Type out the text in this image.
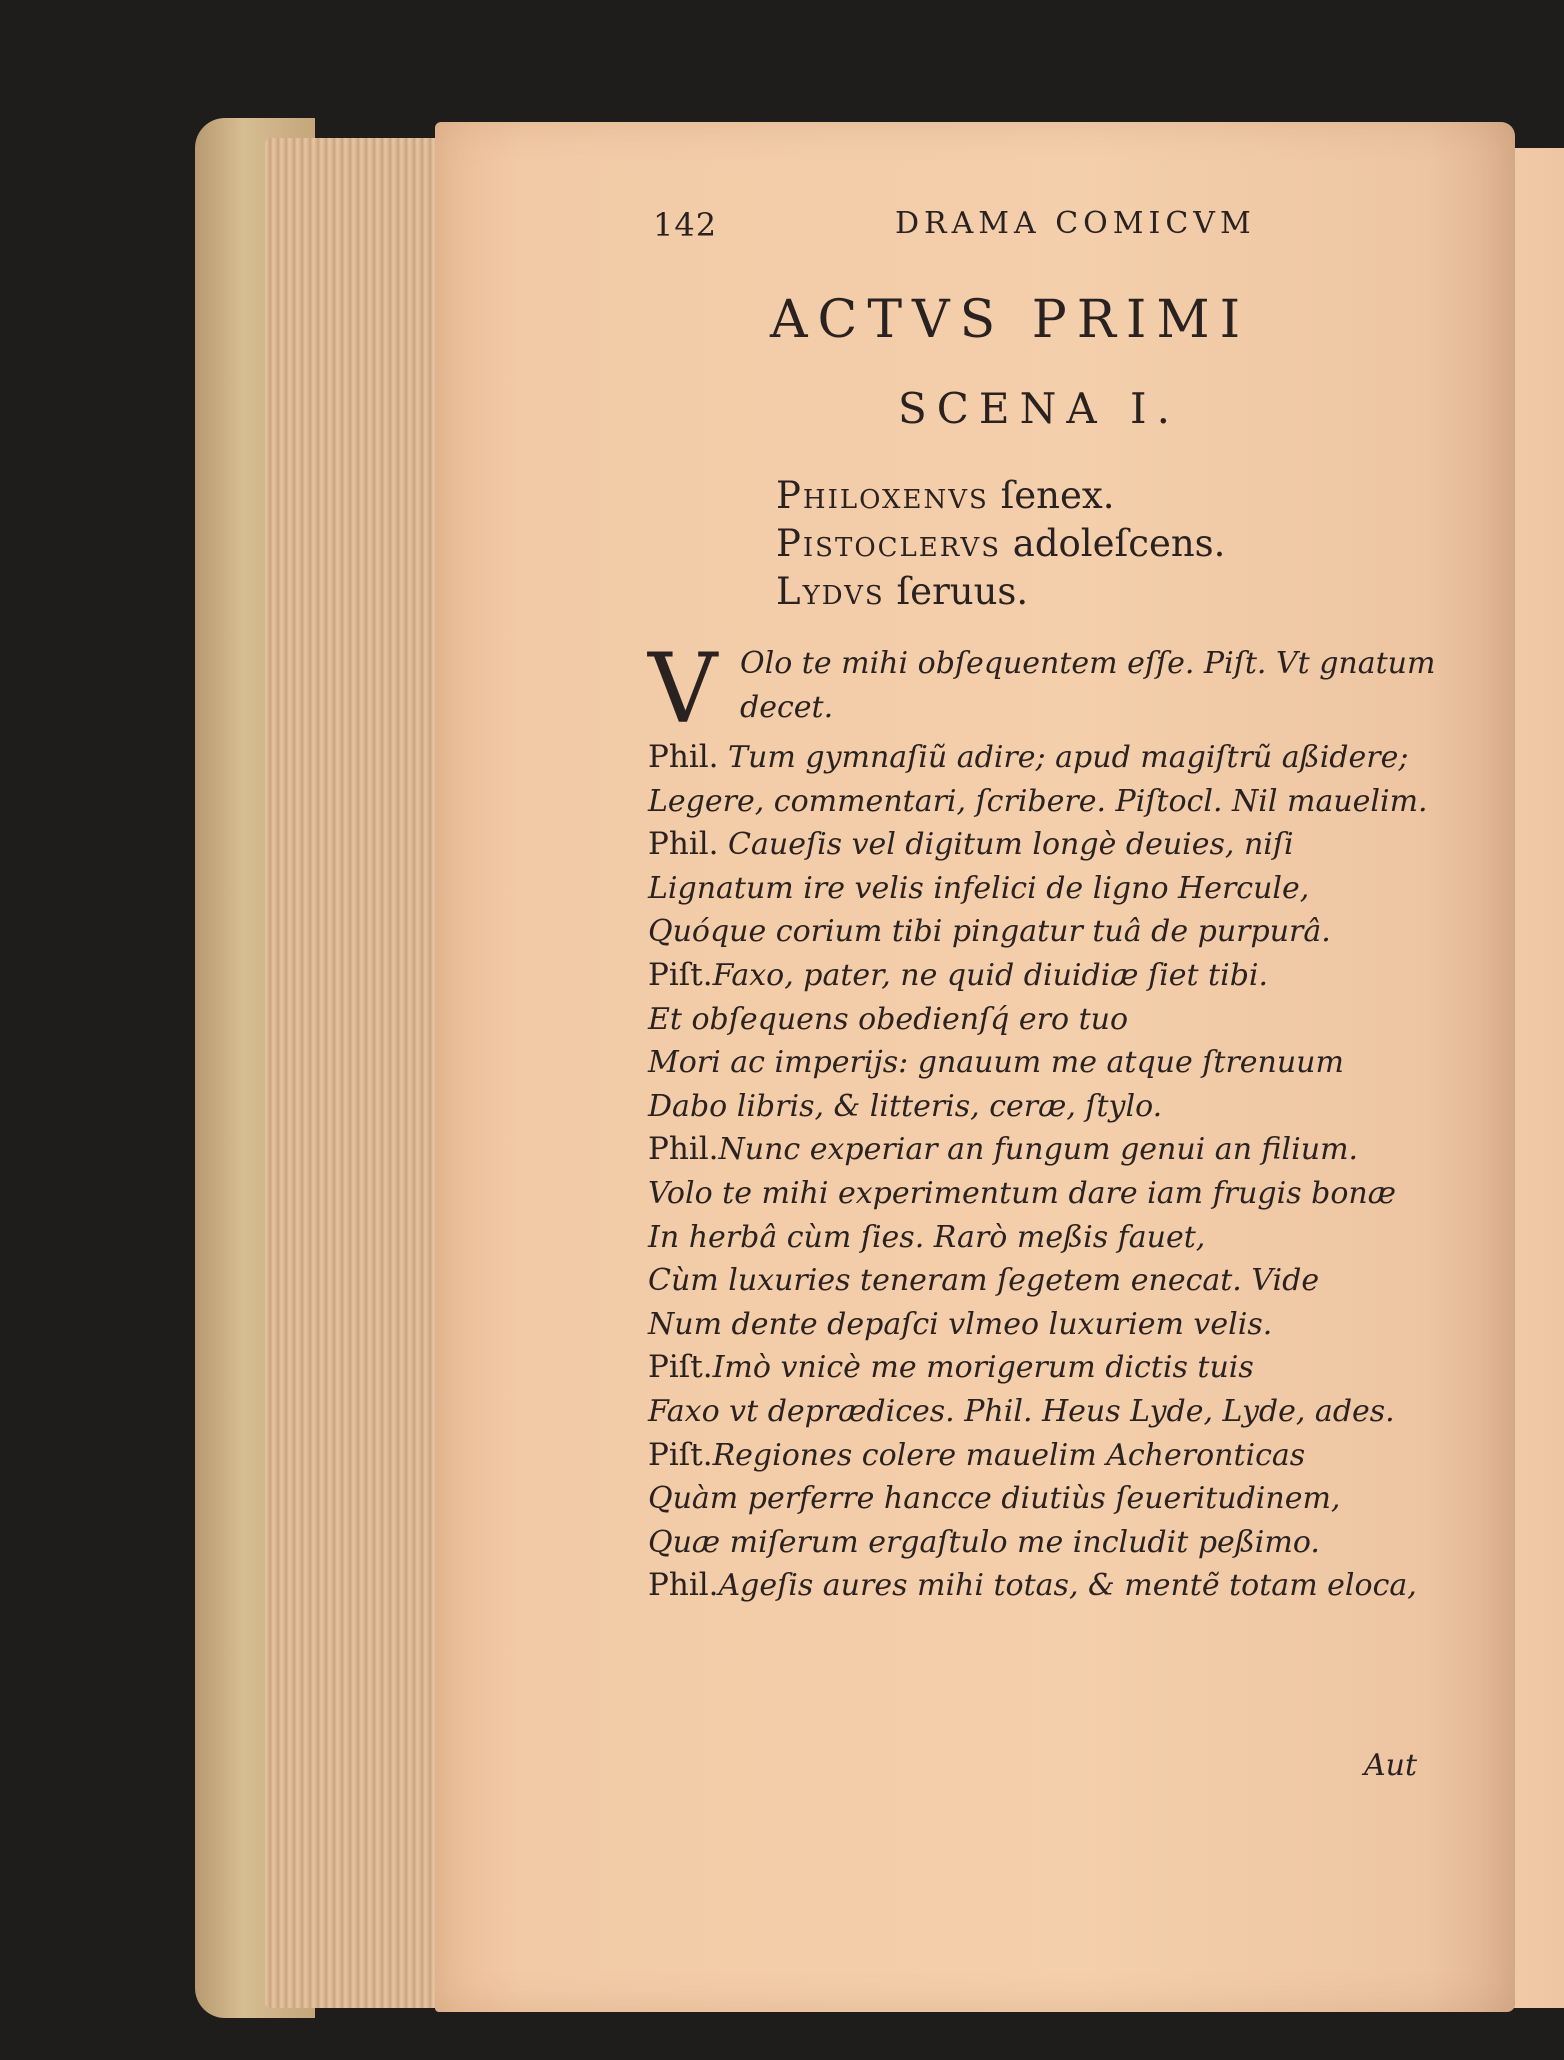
142	DRAMA COMICVM
ACTVS PRIMI
SCENA I.
Philoxenvs ſenex.
Pistoclervs adoleſcens.
Lydvs ſeruus.
V Olo te mihi obſequentem eſſe. Piſt. Vt gnatum
decet.
Phil. Tum gymnaſiũ adire; apud magiſtrũ aßidere;
Legere, commentari, ſcribere. Piſtocl. Nil mauelim.
Phil. Caueſis vel digitum longè deuies, niſi
Lignatum ire velis infelici de ligno Hercule,
Quóque corium tibi pingatur tuâ de purpurâ.
Piſt.Faxo, pater, ne quid diuidiæ ſiet tibi.
Et obſequens obedienſq́ ero tuo
Mori ac imperijs: gnauum me atque ſtrenuum
Dabo libris, & litteris, ceræ, ſtylo.
Phil.Nunc experiar an fungum genui an filium.
Volo te mihi experimentum dare iam frugis bonæ
In herbâ cùm ſies. Rarò meßis fauet,
Cùm luxuries teneram ſegetem enecat. Vide
Num dente depaſci vlmeo luxuriem velis.
Piſt.Imò vnicè me morigerum dictis tuis
Faxo vt deprædices. Phil. Heus Lyde, Lyde, ades.
Piſt.Regiones colere mauelim Acheronticas
Quàm perferre hancce diutiùs ſeueritudinem,
Quæ miſerum ergaſtulo me includit peßimo.
Phil.Ageſis aures mihi totas, & mentẽ totam eloca,
Aut
